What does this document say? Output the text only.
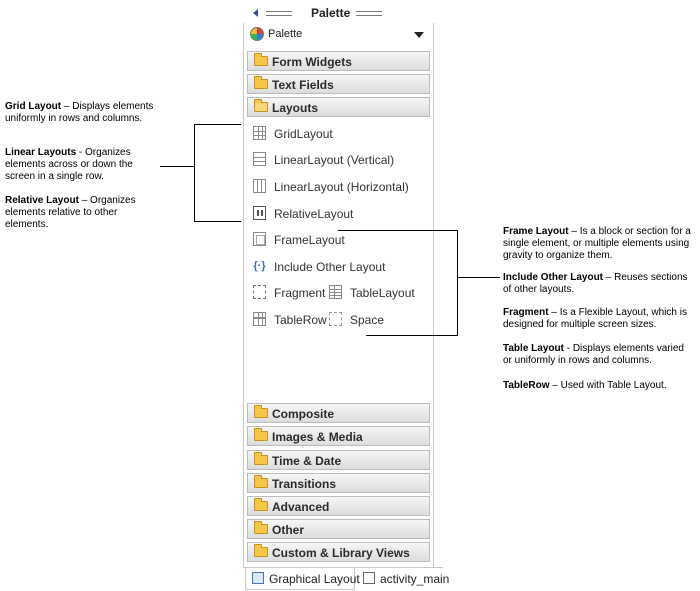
Palette
Palette
Form Widgets
Text Fields
Layouts
GridLayout
LinearLayout (Vertical)
LinearLayout (Horizontal)
RelativeLayout
FrameLayout
{·} Include Other Layout
Fragment TableLayout
TableRow Space
Composite
Images & Media
Time & Date
Transitions
Advanced
Other
Custom & Library Views
Graphical Layout activity_main
Grid Layout – Displays elements uniformly in rows and columns.
Linear Layouts - Organizes elements across or down the screen in a single row.
Relative Layout – Organizes elements relative to other elements.
Frame Layout – Is a block or section for a single element, or multiple elements using gravity to organize them.
Include Other Layout – Reuses sections of other layouts.
Fragment – Is a Flexible Layout, which is designed for multiple screen sizes.
Table Layout - Displays elements varied or uniformly in rows and columns.
TableRow – Used with Table Layout.
